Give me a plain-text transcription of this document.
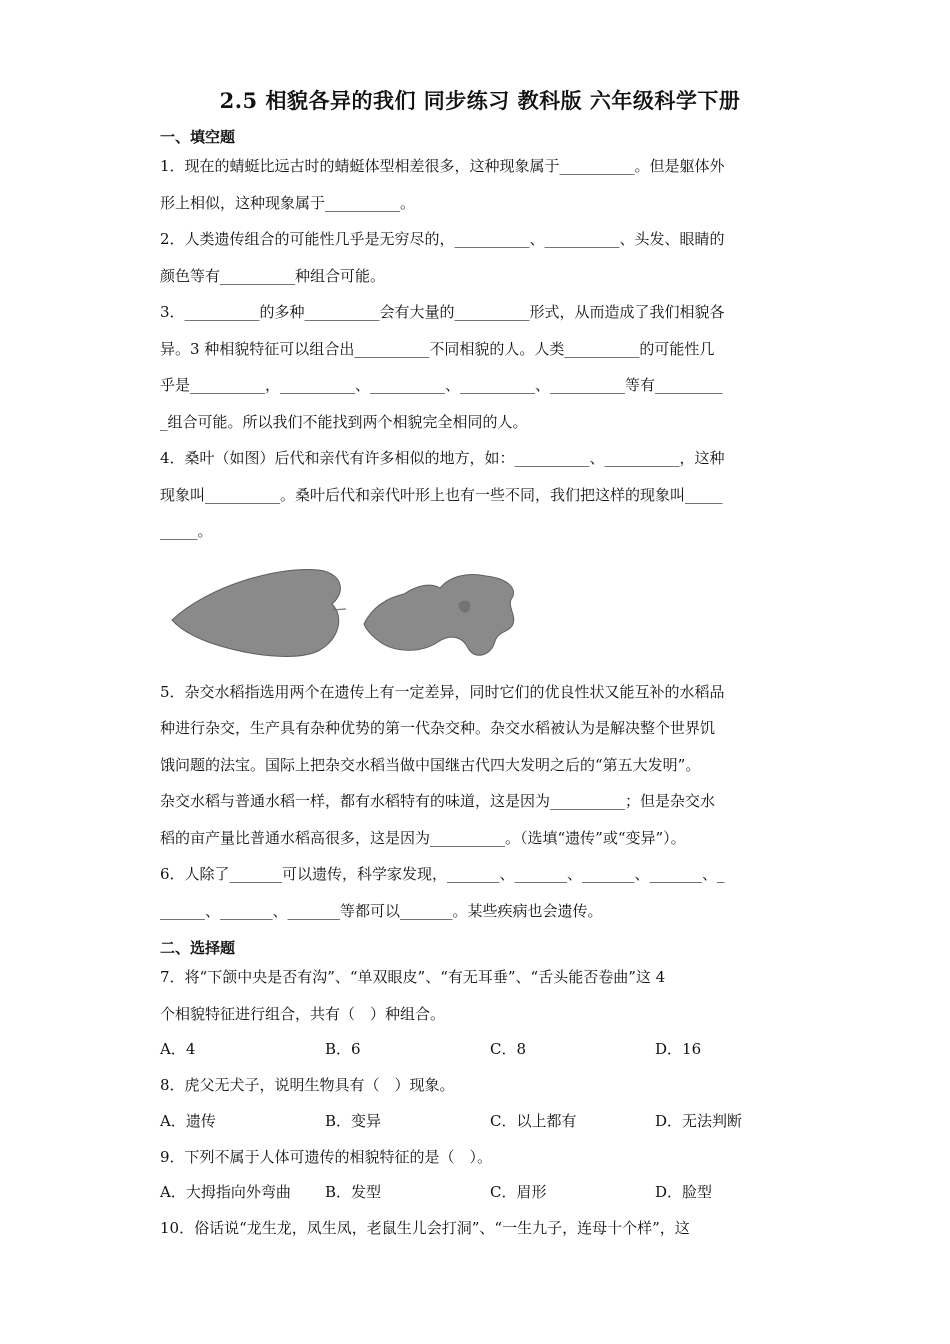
2.5 相貌各异的我们 同步练习 教科版 六年级科学下册
一、填空题

1．现在的蜻蜓比远古时的蜻蜓体型相差很多，这种现象属于__________。但是躯体外

形上相似，这种现象属于__________。

2．人类遗传组合的可能性几乎是无穷尽的，__________、__________、头发、眼睛的

颜色等有__________种组合可能。

3．__________的多种__________会有大量的__________形式，从而造成了我们相貌各

异。3 种相貌特征可以组合出__________不同相貌的人。人类__________的可能性几

乎是__________，__________、__________、__________、__________等有_________

_组合可能。所以我们不能找到两个相貌完全相同的人。

4．桑叶（如图）后代和亲代有许多相似的地方，如：__________、__________，这种

现象叫__________。桑叶后代和亲代叶形上也有一些不同，我们把这样的现象叫_____

_____。

5．杂交水稻指选用两个在遗传上有一定差异，同时它们的优良性状又能互补的水稻品

种进行杂交，生产具有杂种优势的第一代杂交种。杂交水稻被认为是解决整个世界饥

饿问题的法宝。国际上把杂交水稻当做中国继古代四大发明之后的“第五大发明”。

杂交水稻与普通水稻一样，都有水稻特有的味道，这是因为__________；但是杂交水

稻的亩产量比普通水稻高很多，这是因为__________。（选填“遗传”或“变异”）。

6．人除了_______可以遗传，科学家发现，_______、_______、_______、_______、_

______、_______、_______等都可以_______。某些疾病也会遗传。

二、选择题

7．将“下颌中央是否有沟”、“单双眼皮”、“有无耳垂”、“舌头能否卷曲”这 4

个相貌特征进行组合，共有（　）种组合。

A．4	B．6	C．8	D．16

8．虎父无犬子，说明生物具有（　）现象。

A．遗传	B．变异	C．以上都有	D．无法判断

9．下列不属于人体可遗传的相貌特征的是（　）。

A．大拇指向外弯曲	B．发型	C．眉形	D．脸型

10．俗话说“龙生龙，凤生凤，老鼠生儿会打洞”、“一生九子，连母十个样”，这
